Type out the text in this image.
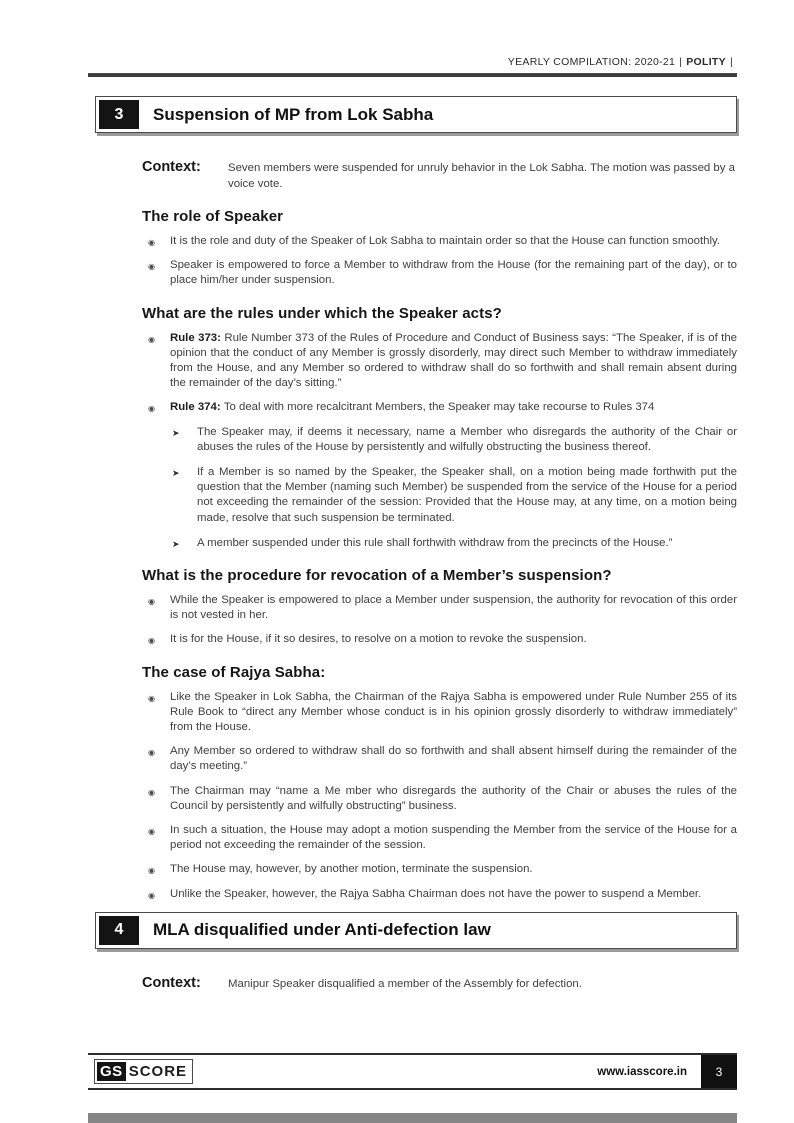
YEARLY COMPILATION: 2020-21 | POLITY |
3	Suspension of MP from Lok Sabha
Context:	Seven members were suspended for unruly behavior in the Lok Sabha. The motion was passed by a voice vote.
The role of Speaker
◉	It is the role and duty of the Speaker of Lok Sabha to maintain order so that the House can function smoothly.
◉	Speaker is empowered to force a Member to withdraw from the House (for the remaining part of the day), or to place him/her under suspension.
What are the rules under which the Speaker acts?
◉	Rule 373: Rule Number 373 of the Rules of Procedure and Conduct of Business says: “The Speaker, if is of the opinion that the conduct of any Member is grossly disorderly, may direct such Member to withdraw immediately from the House, and any Member so ordered to withdraw shall do so forthwith and shall remain absent during the remainder of the day’s sitting.”
◉	Rule 374: To deal with more recalcitrant Members, the Speaker may take recourse to Rules 374
➤	The Speaker may, if deems it necessary, name a Member who disregards the authority of the Chair or abuses the rules of the House by persistently and wilfully obstructing the business thereof.
➤	If a Member is so named by the Speaker, the Speaker shall, on a motion being made forthwith put the question that the Member (naming such Member) be suspended from the service of the House for a period not exceeding the remainder of the session: Provided that the House may, at any time, on a motion being made, resolve that such suspension be terminated.
➤	A member suspended under this rule shall forthwith withdraw from the precincts of the House.”
What is the procedure for revocation of a Member’s suspension?
◉	While the Speaker is empowered to place a Member under suspension, the authority for revocation of this order is not vested in her.
◉	It is for the House, if it so desires, to resolve on a motion to revoke the suspension.
The case of Rajya Sabha:
◉	Like the Speaker in Lok Sabha, the Chairman of the Rajya Sabha is empowered under Rule Number 255 of its Rule Book to “direct any Member whose conduct is in his opinion grossly disorderly to withdraw immediately” from the House.
◉	Any Member so ordered to withdraw shall do so forthwith and shall absent himself during the remainder of the day’s meeting.”
◉	The Chairman may “name a Me mber who disregards the authority of the Chair or abuses the rules of the Council by persistently and wilfully obstructing” business.
◉	In such a situation, the House may adopt a motion suspending the Member from the service of the House for a period not exceeding the remainder of the session.
◉	The House may, however, by another motion, terminate the suspension.
◉	Unlike the Speaker, however, the Rajya Sabha Chairman does not have the power to suspend a Member.
4	MLA disqualified under Anti-defection law
Context:	Manipur Speaker disqualified a member of the Assembly for defection.
GS SCORE	www.iasscore.in	3
